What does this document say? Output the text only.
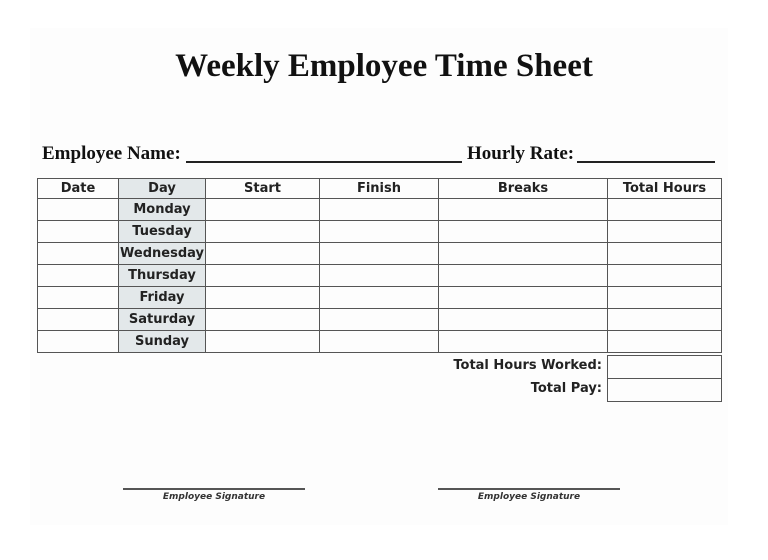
Weekly Employee Time Sheet
Employee Name:	Hourly Rate:
Date	Day	Start	Finish	Breaks	Total Hours
	Monday				
	Tuesday				
	Wednesday				
	Thursday				
	Friday				
	Saturday				
	Sunday				
Total Hours Worked:
Total Pay:
Employee Signature	Employee Signature
